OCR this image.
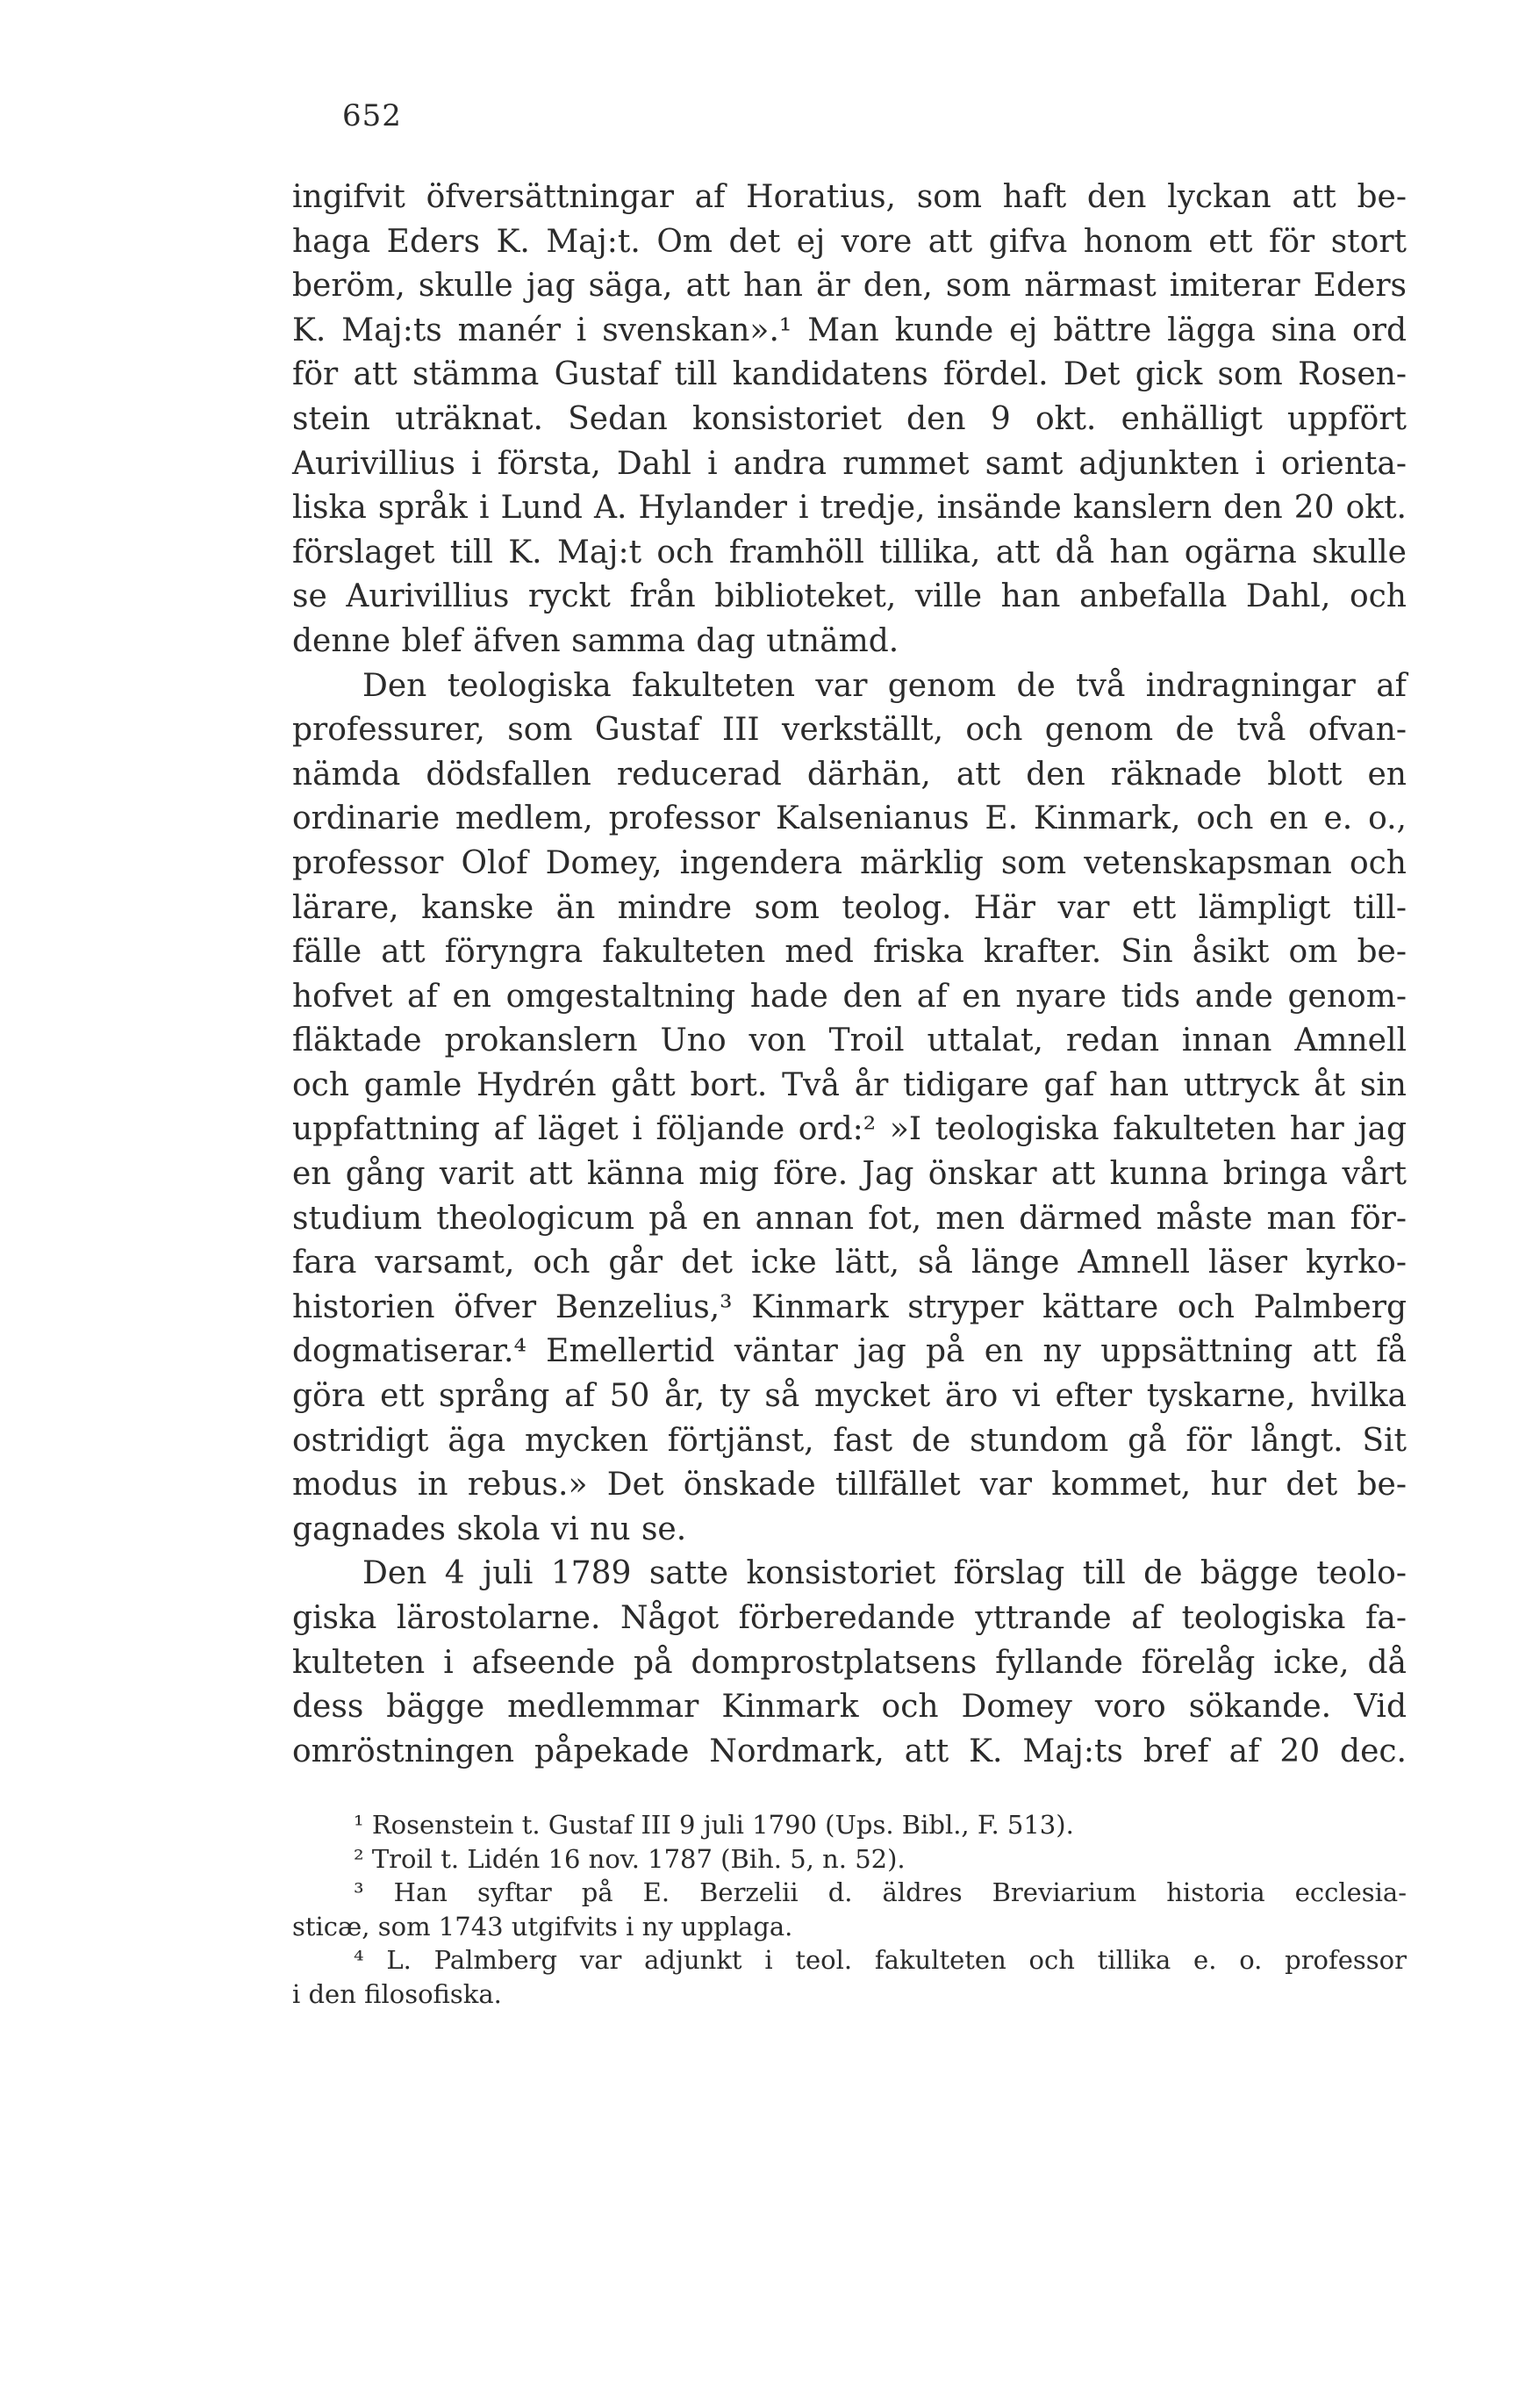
652
ingifvit öfversättningar af Horatius, som haft den lyckan att be-
haga Eders K. Maj:t. Om det ej vore att gifva honom ett för stort
beröm, skulle jag säga, att han är den, som närmast imiterar Eders
K. Maj:ts manér i svenskan».¹ Man kunde ej bättre lägga sina ord
för att stämma Gustaf till kandidatens fördel. Det gick som Rosen-
stein uträknat. Sedan konsistoriet den 9 okt. enhälligt uppfört
Aurivillius i första, Dahl i andra rummet samt adjunkten i orienta-
liska språk i Lund A. Hylander i tredje, insände kanslern den 20 okt.
förslaget till K. Maj:t och framhöll tillika, att då han ogärna skulle
se Aurivillius ryckt från biblioteket, ville han anbefalla Dahl, och
denne blef äfven samma dag utnämd.
Den teologiska fakulteten var genom de två indragningar af
professurer, som Gustaf III verkställt, och genom de två ofvan-
nämda dödsfallen reducerad därhän, att den räknade blott en
ordinarie medlem, professor Kalsenianus E. Kinmark, och en e. o.,
professor Olof Domey, ingendera märklig som vetenskapsman och
lärare, kanske än mindre som teolog. Här var ett lämpligt till-
fälle att föryngra fakulteten med friska krafter. Sin åsikt om be-
hofvet af en omgestaltning hade den af en nyare tids ande genom-
fläktade prokanslern Uno von Troil uttalat, redan innan Amnell
och gamle Hydrén gått bort. Två år tidigare gaf han uttryck åt sin
uppfattning af läget i följande ord:² »I teologiska fakulteten har jag
en gång varit att känna mig före. Jag önskar att kunna bringa vårt
studium theologicum på en annan fot, men därmed måste man för-
fara varsamt, och går det icke lätt, så länge Amnell läser kyrko-
historien öfver Benzelius,³ Kinmark stryper kättare och Palmberg
dogmatiserar.⁴ Emellertid väntar jag på en ny uppsättning att få
göra ett språng af 50 år, ty så mycket äro vi efter tyskarne, hvilka
ostridigt äga mycken förtjänst, fast de stundom gå för långt. Sit
modus in rebus.» Det önskade tillfället var kommet, hur det be-
gagnades skola vi nu se.
Den 4 juli 1789 satte konsistoriet förslag till de bägge teolo-
giska lärostolarne. Något förberedande yttrande af teologiska fa-
kulteten i afseende på domprostplatsens fyllande förelåg icke, då
dess bägge medlemmar Kinmark och Domey voro sökande. Vid
omröstningen påpekade Nordmark, att K. Maj:ts bref af 20 dec.
¹ Rosenstein t. Gustaf III 9 juli 1790 (Ups. Bibl., F. 513).
² Troil t. Lidén 16 nov. 1787 (Bih. 5, n. 52).
³ Han syftar på E. Berzelii d. äldres Breviarium historia ecclesia-
sticæ, som 1743 utgifvits i ny upplaga.
⁴ L. Palmberg var adjunkt i teol. fakulteten och tillika e. o. professor
i den filosofiska.
